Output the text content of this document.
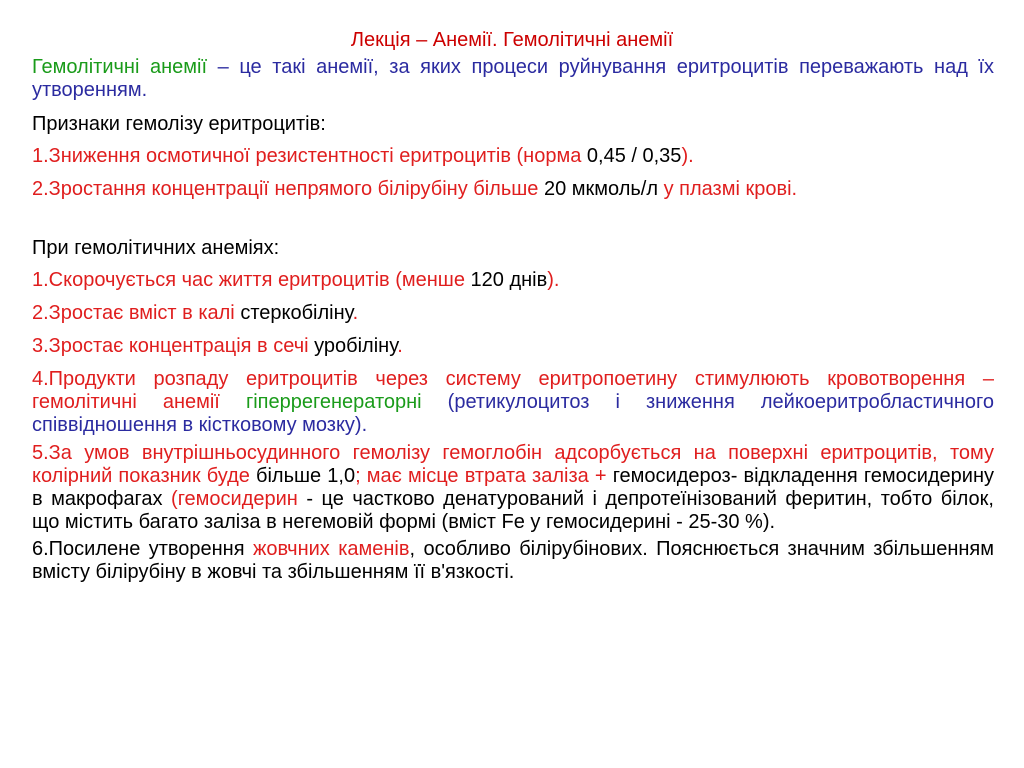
Лекція – Анемії. Гемолітичні анемії

Гемолітичні анемії – це такі анемії, за яких процеси руйнування еритроцитів переважають над їх утворенням.

Признаки гемолізу еритроцитів:

1.Зниження осмотичної резистентності еритроцитів (норма 0,45 / 0,35).

2.Зростання концентрації непрямого білірубіну більше 20 мкмоль/л у плазмі крові.

При гемолітичних анеміях:

1.Скорочується час життя еритроцитів (менше 120 днів).

2.Зростає вміст в калі стеркобіліну.

3.Зростає концентрація в сечі уробіліну.

4.Продукти розпаду еритроцитів через систему еритропоетину стимулюють кровотворення – гемолітичні анемії гіперрегенераторні (ретикулоцитоз і зниження лейкоеритробластичного співвідношення в кістковому мозку).

5.За умов внутрішньосудинного гемолізу гемоглобін адсорбується на поверхні еритроцитів, тому колірний показник буде більше 1,0; має місце втрата заліза + гемосидероз- відкладення гемосидерину в макрофагах (гемосидерин - це частково денатурований і депротеїнізований феритин, тобто білок, що містить багато заліза в негемовій формі (вміст Fe у гемосидерині - 25-30 %).

6.Посилене утворення жовчних каменів, особливо білірубінових. Пояснюється значним збільшенням вмісту білірубіну в жовчі та збільшенням її в'язкості.
